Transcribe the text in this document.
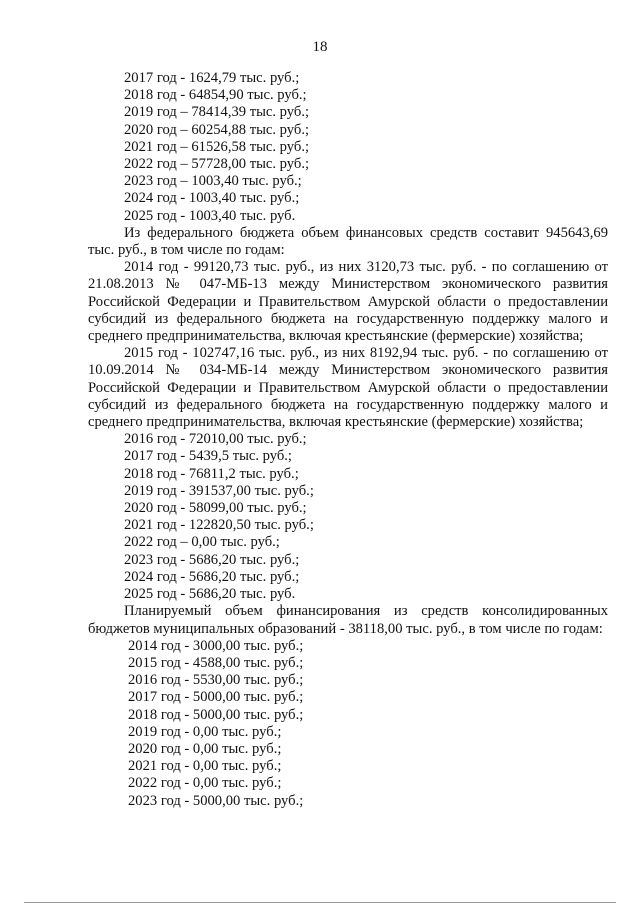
18

2017 год - 1624,79 тыс. руб.;

2018 год - 64854,90 тыс. руб.;

2019 год – 78414,39 тыс. руб.;

2020 год – 60254,88 тыс. руб.;

2021 год – 61526,58 тыс. руб.;

2022 год – 57728,00 тыс. руб.;

2023 год – 1003,40 тыс. руб.;

2024 год - 1003,40 тыс. руб.;

2025 год - 1003,40 тыс. руб.

Из федерального бюджета объем финансовых средств составит 945643,69 тыс. руб., в том числе по годам:

2014 год - 99120,73 тыс. руб., из них 3120,73 тыс. руб. - по соглашению от 21.08.2013 № 047-МБ-13 между Министерством экономического развития Российской Федерации и Правительством Амурской области о предоставлении субсидий из федерального бюджета на государственную поддержку малого и среднего предпринимательства, включая крестьянские (фермерские) хозяйства;

2015 год - 102747,16 тыс. руб., из них 8192,94 тыс. руб. - по соглашению от 10.09.2014 № 034-МБ-14 между Министерством экономического развития Российской Федерации и Правительством Амурской области о предоставлении субсидий из федерального бюджета на государственную поддержку малого и среднего предпринимательства, включая крестьянские (фермерские) хозяйства;

2016 год - 72010,00 тыс. руб.;

2017 год - 5439,5 тыс. руб.;

2018 год - 76811,2 тыс. руб.;

2019 год - 391537,00 тыс. руб.;

2020 год - 58099,00 тыс. руб.;

2021 год - 122820,50 тыс. руб.;

2022 год – 0,00 тыс. руб.;

2023 год - 5686,20 тыс. руб.;

2024 год - 5686,20 тыс. руб.;

2025 год - 5686,20 тыс. руб.

Планируемый объем финансирования из средств консолидированных бюджетов муниципальных образований - 38118,00 тыс. руб., в том числе по годам:

2014 год - 3000,00 тыс. руб.;

2015 год - 4588,00 тыс. руб.;

2016 год - 5530,00 тыс. руб.;

2017 год - 5000,00 тыс. руб.;

2018 год - 5000,00 тыс. руб.;

2019 год - 0,00 тыс. руб.;

2020 год - 0,00 тыс. руб.;

2021 год - 0,00 тыс. руб.;

2022 год - 0,00 тыс. руб.;

2023 год - 5000,00 тыс. руб.;
